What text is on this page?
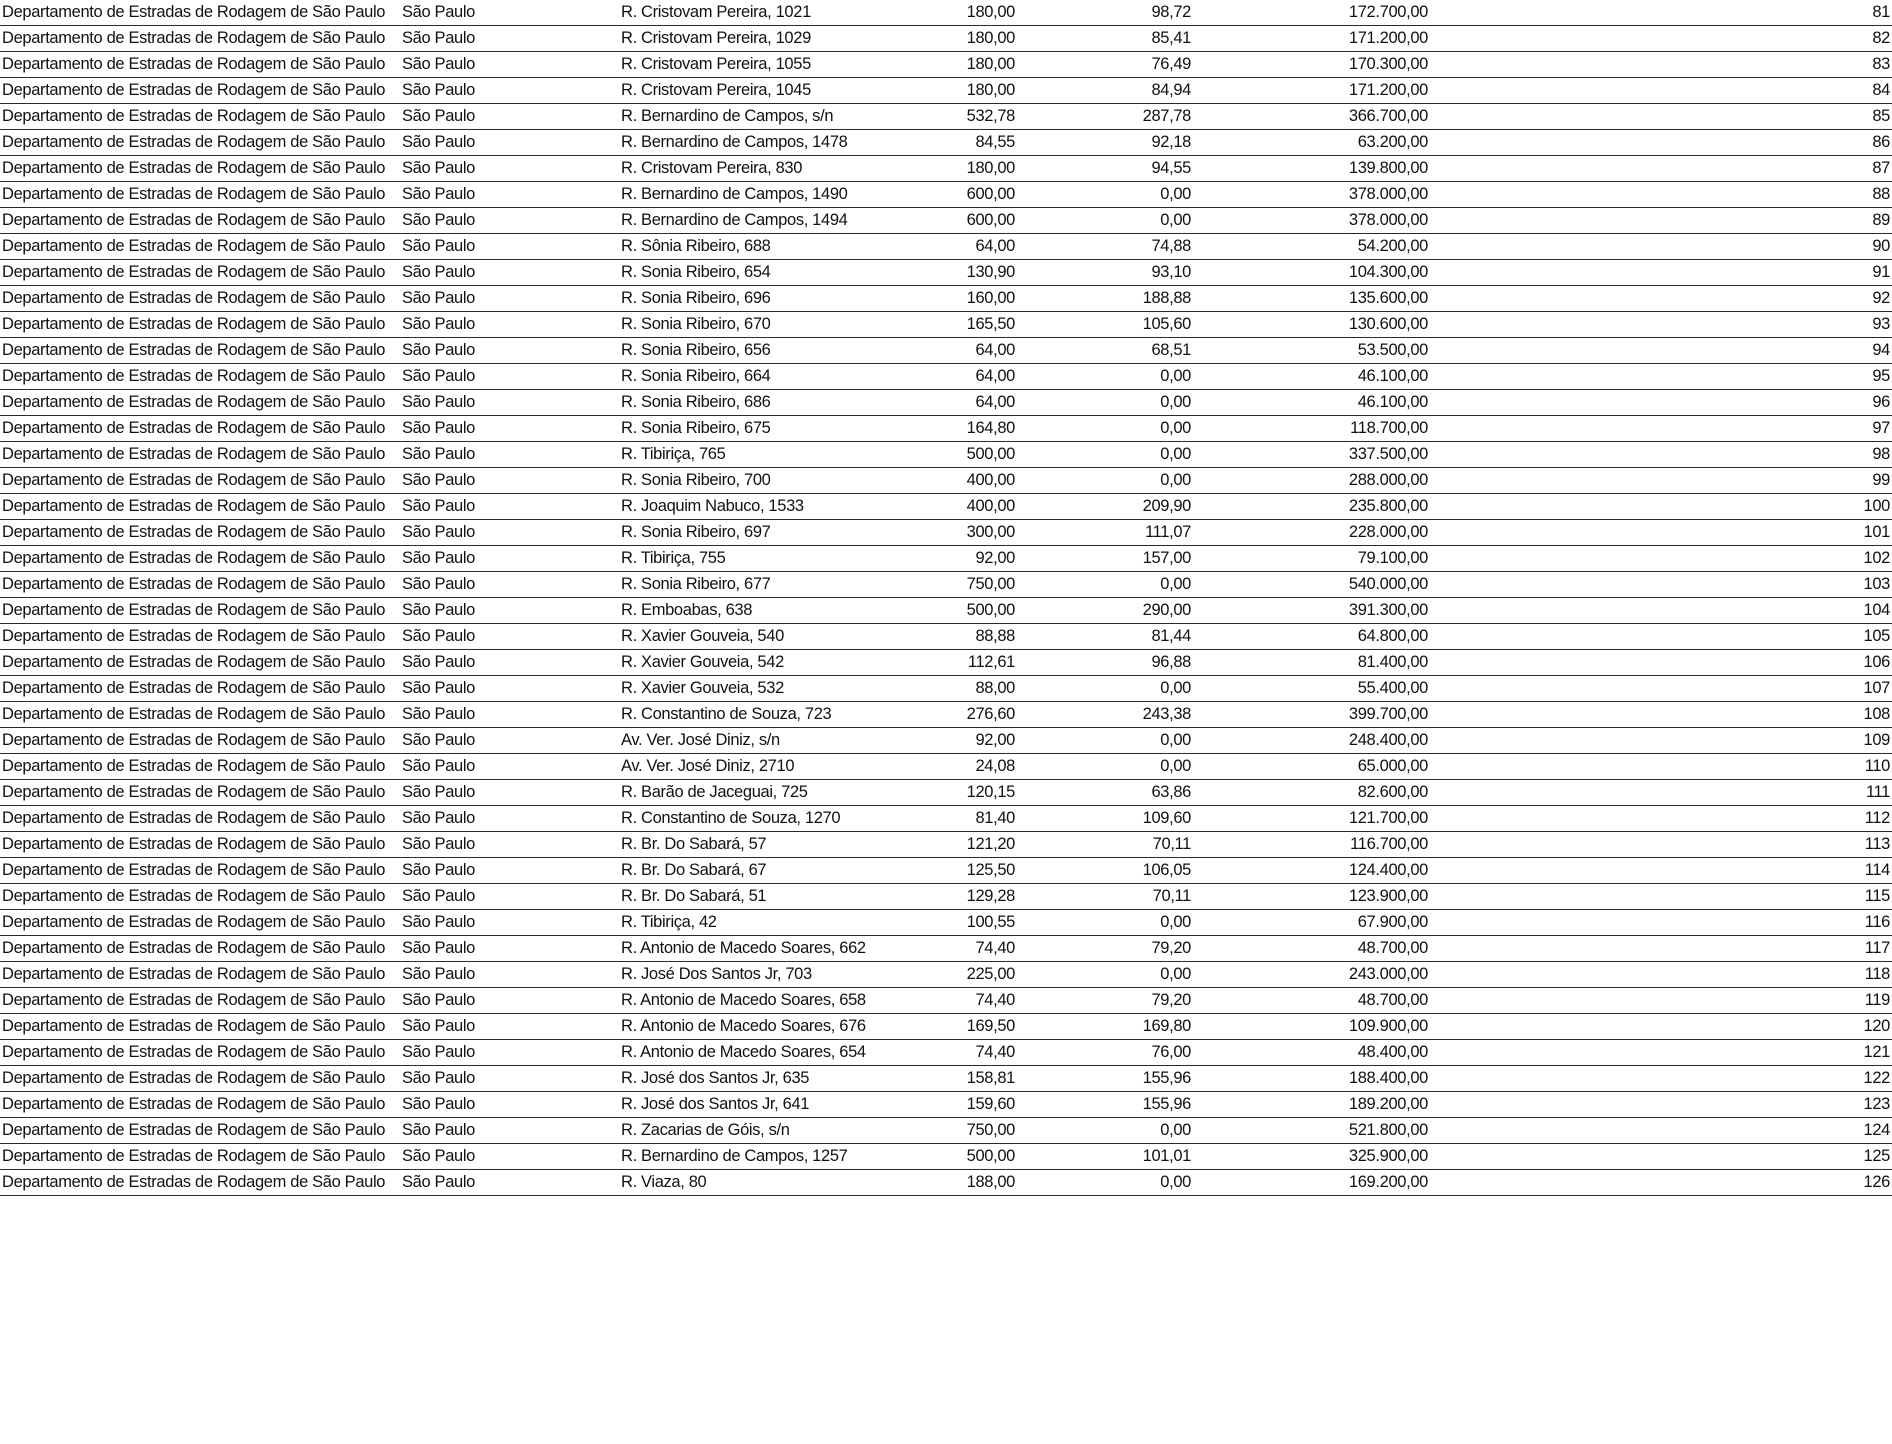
Departamento de Estradas de Rodagem de São Paulo	São Paulo	R. Cristovam Pereira, 1021	180,00	98,72	172.700,00	81
Departamento de Estradas de Rodagem de São Paulo	São Paulo	R. Cristovam Pereira, 1029	180,00	85,41	171.200,00	82
Departamento de Estradas de Rodagem de São Paulo	São Paulo	R. Cristovam Pereira, 1055	180,00	76,49	170.300,00	83
Departamento de Estradas de Rodagem de São Paulo	São Paulo	R. Cristovam Pereira, 1045	180,00	84,94	171.200,00	84
Departamento de Estradas de Rodagem de São Paulo	São Paulo	R. Bernardino de Campos, s/n	532,78	287,78	366.700,00	85
Departamento de Estradas de Rodagem de São Paulo	São Paulo	R. Bernardino de Campos, 1478	84,55	92,18	63.200,00	86
Departamento de Estradas de Rodagem de São Paulo	São Paulo	R. Cristovam Pereira, 830	180,00	94,55	139.800,00	87
Departamento de Estradas de Rodagem de São Paulo	São Paulo	R. Bernardino de Campos, 1490	600,00	0,00	378.000,00	88
Departamento de Estradas de Rodagem de São Paulo	São Paulo	R. Bernardino de Campos, 1494	600,00	0,00	378.000,00	89
Departamento de Estradas de Rodagem de São Paulo	São Paulo	R. Sônia Ribeiro, 688	64,00	74,88	54.200,00	90
Departamento de Estradas de Rodagem de São Paulo	São Paulo	R. Sonia Ribeiro, 654	130,90	93,10	104.300,00	91
Departamento de Estradas de Rodagem de São Paulo	São Paulo	R. Sonia Ribeiro, 696	160,00	188,88	135.600,00	92
Departamento de Estradas de Rodagem de São Paulo	São Paulo	R. Sonia Ribeiro, 670	165,50	105,60	130.600,00	93
Departamento de Estradas de Rodagem de São Paulo	São Paulo	R. Sonia Ribeiro, 656	64,00	68,51	53.500,00	94
Departamento de Estradas de Rodagem de São Paulo	São Paulo	R. Sonia Ribeiro, 664	64,00	0,00	46.100,00	95
Departamento de Estradas de Rodagem de São Paulo	São Paulo	R. Sonia Ribeiro, 686	64,00	0,00	46.100,00	96
Departamento de Estradas de Rodagem de São Paulo	São Paulo	R. Sonia Ribeiro, 675	164,80	0,00	118.700,00	97
Departamento de Estradas de Rodagem de São Paulo	São Paulo	R. Tibiriça, 765	500,00	0,00	337.500,00	98
Departamento de Estradas de Rodagem de São Paulo	São Paulo	R. Sonia Ribeiro, 700	400,00	0,00	288.000,00	99
Departamento de Estradas de Rodagem de São Paulo	São Paulo	R. Joaquim Nabuco, 1533	400,00	209,90	235.800,00	100
Departamento de Estradas de Rodagem de São Paulo	São Paulo	R. Sonia Ribeiro, 697	300,00	111,07	228.000,00	101
Departamento de Estradas de Rodagem de São Paulo	São Paulo	R. Tibiriça, 755	92,00	157,00	79.100,00	102
Departamento de Estradas de Rodagem de São Paulo	São Paulo	R. Sonia Ribeiro, 677	750,00	0,00	540.000,00	103
Departamento de Estradas de Rodagem de São Paulo	São Paulo	R. Emboabas, 638	500,00	290,00	391.300,00	104
Departamento de Estradas de Rodagem de São Paulo	São Paulo	R. Xavier Gouveia, 540	88,88	81,44	64.800,00	105
Departamento de Estradas de Rodagem de São Paulo	São Paulo	R. Xavier Gouveia, 542	112,61	96,88	81.400,00	106
Departamento de Estradas de Rodagem de São Paulo	São Paulo	R. Xavier Gouveia, 532	88,00	0,00	55.400,00	107
Departamento de Estradas de Rodagem de São Paulo	São Paulo	R. Constantino de Souza, 723	276,60	243,38	399.700,00	108
Departamento de Estradas de Rodagem de São Paulo	São Paulo	Av. Ver. José Diniz, s/n	92,00	0,00	248.400,00	109
Departamento de Estradas de Rodagem de São Paulo	São Paulo	Av. Ver. José Diniz, 2710	24,08	0,00	65.000,00	110
Departamento de Estradas de Rodagem de São Paulo	São Paulo	R. Barão de Jaceguai, 725	120,15	63,86	82.600,00	111
Departamento de Estradas de Rodagem de São Paulo	São Paulo	R. Constantino de Souza, 1270	81,40	109,60	121.700,00	112
Departamento de Estradas de Rodagem de São Paulo	São Paulo	R. Br. Do Sabará, 57	121,20	70,11	116.700,00	113
Departamento de Estradas de Rodagem de São Paulo	São Paulo	R. Br. Do Sabará, 67	125,50	106,05	124.400,00	114
Departamento de Estradas de Rodagem de São Paulo	São Paulo	R. Br. Do Sabará, 51	129,28	70,11	123.900,00	115
Departamento de Estradas de Rodagem de São Paulo	São Paulo	R. Tibiriça, 42	100,55	0,00	67.900,00	116
Departamento de Estradas de Rodagem de São Paulo	São Paulo	R. Antonio de Macedo Soares, 662	74,40	79,20	48.700,00	117
Departamento de Estradas de Rodagem de São Paulo	São Paulo	R. José Dos Santos Jr, 703	225,00	0,00	243.000,00	118
Departamento de Estradas de Rodagem de São Paulo	São Paulo	R. Antonio de Macedo Soares, 658	74,40	79,20	48.700,00	119
Departamento de Estradas de Rodagem de São Paulo	São Paulo	R. Antonio de Macedo Soares, 676	169,50	169,80	109.900,00	120
Departamento de Estradas de Rodagem de São Paulo	São Paulo	R. Antonio de Macedo Soares, 654	74,40	76,00	48.400,00	121
Departamento de Estradas de Rodagem de São Paulo	São Paulo	R. José dos Santos Jr, 635	158,81	155,96	188.400,00	122
Departamento de Estradas de Rodagem de São Paulo	São Paulo	R. José dos Santos Jr, 641	159,60	155,96	189.200,00	123
Departamento de Estradas de Rodagem de São Paulo	São Paulo	R. Zacarias de Góis, s/n	750,00	0,00	521.800,00	124
Departamento de Estradas de Rodagem de São Paulo	São Paulo	R. Bernardino de Campos, 1257	500,00	101,01	325.900,00	125
Departamento de Estradas de Rodagem de São Paulo	São Paulo	R. Viaza, 80	188,00	0,00	169.200,00	126
